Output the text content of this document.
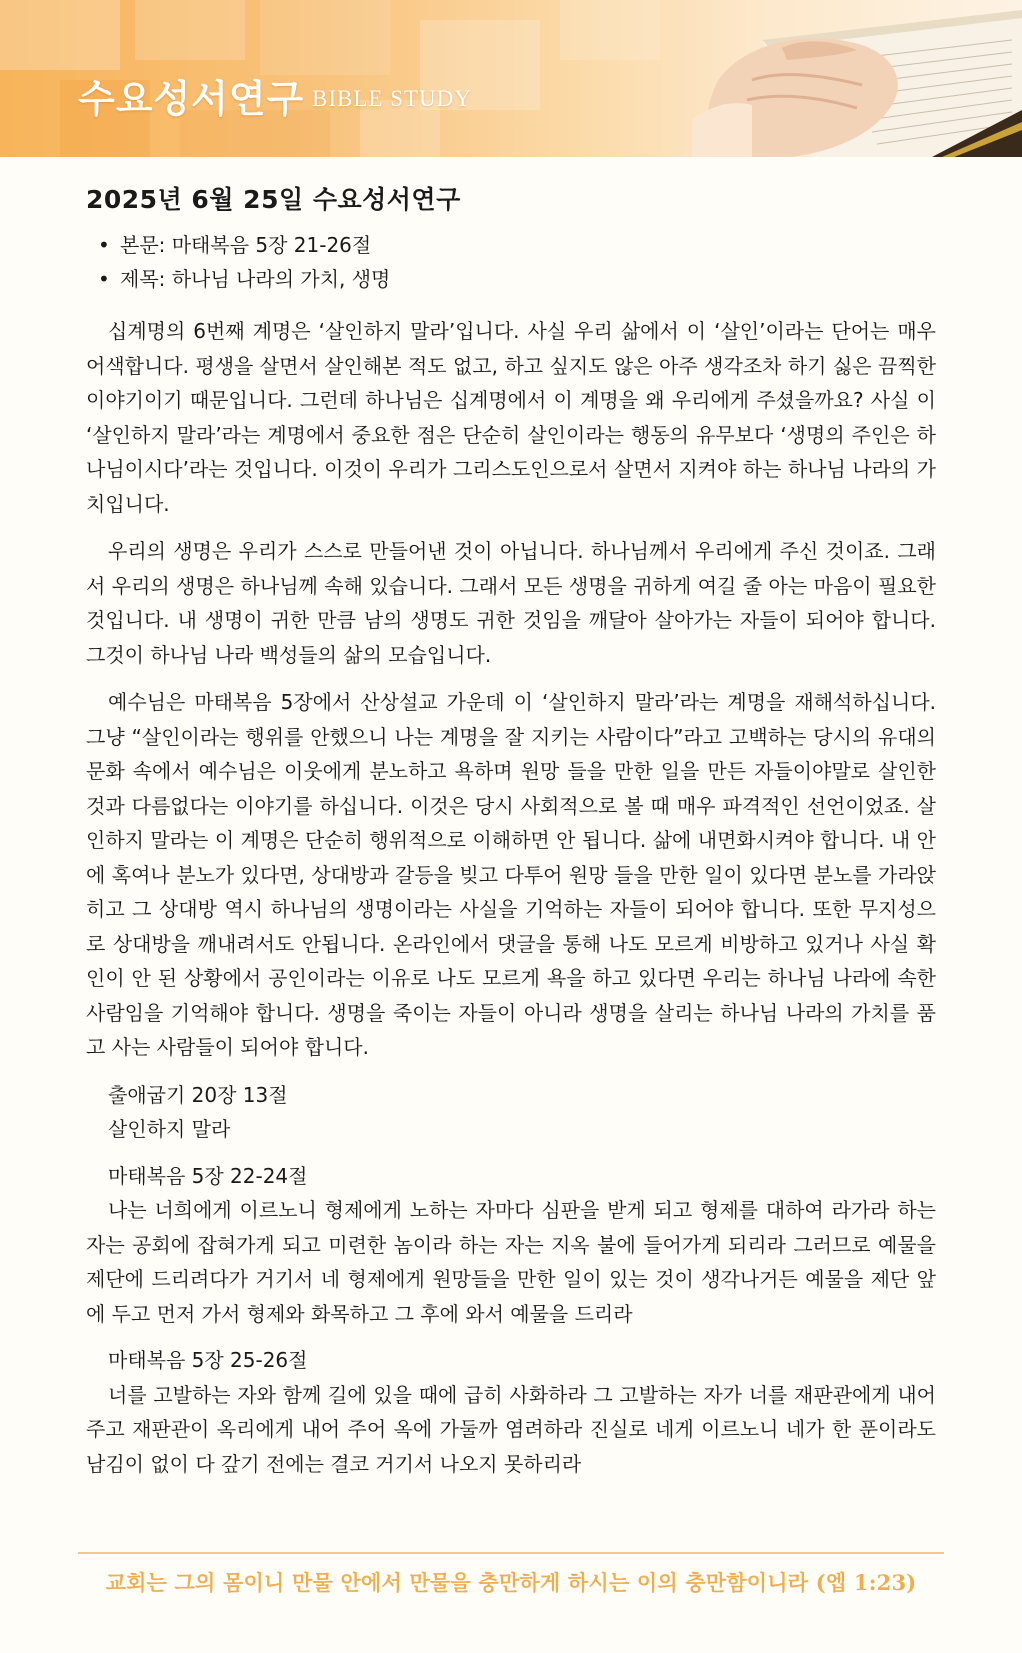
수요성서연구 BIBLE STUDY
2025년 6월 25일 수요성서연구
• 본문: 마태복음 5장 21-26절
• 제목: 하나님 나라의 가치, 생명

십계명의 6번째 계명은 ‘살인하지 말라’입니다. 사실 우리 삶에서 이 ‘살인’이라는 단어는 매우 어색합니다. 평생을 살면서 살인해본 적도 없고, 하고 싶지도 않은 아주 생각조차 하기 싫은 끔찍한 이야기이기 때문입니다. 그런데 하나님은 십계명에서 이 계명을 왜 우리에게 주셨을까요? 사실 이 ‘살인하지 말라’라는 계명에서 중요한 점은 단순히 살인이라는 행동의 유무보다 ‘생명의 주인은 하나님이시다’라는 것입니다. 이것이 우리가 그리스도인으로서 살면서 지켜야 하는 하나님 나라의 가치입니다.

우리의 생명은 우리가 스스로 만들어낸 것이 아닙니다. 하나님께서 우리에게 주신 것이죠. 그래서 우리의 생명은 하나님께 속해 있습니다. 그래서 모든 생명을 귀하게 여길 줄 아는 마음이 필요한 것입니다. 내 생명이 귀한 만큼 남의 생명도 귀한 것임을 깨달아 살아가는 자들이 되어야 합니다. 그것이 하나님 나라 백성들의 삶의 모습입니다.

예수님은 마태복음 5장에서 산상설교 가운데 이 ‘살인하지 말라’라는 계명을 재해석하십니다. 그냥 “살인이라는 행위를 안했으니 나는 계명을 잘 지키는 사람이다”라고 고백하는 당시의 유대의 문화 속에서 예수님은 이웃에게 분노하고 욕하며 원망 들을 만한 일을 만든 자들이야말로 살인한 것과 다름없다는 이야기를 하십니다. 이것은 당시 사회적으로 볼 때 매우 파격적인 선언이었죠. 살인하지 말라는 이 계명은 단순히 행위적으로 이해하면 안 됩니다. 삶에 내면화시켜야 합니다. 내 안에 혹여나 분노가 있다면, 상대방과 갈등을 빚고 다투어 원망 들을 만한 일이 있다면 분노를 가라앉히고 그 상대방 역시 하나님의 생명이라는 사실을 기억하는 자들이 되어야 합니다. 또한 무지성으로 상대방을 깨내려서도 안됩니다. 온라인에서 댓글을 통해 나도 모르게 비방하고 있거나 사실 확인이 안 된 상황에서 공인이라는 이유로 나도 모르게 욕을 하고 있다면 우리는 하나님 나라에 속한 사람임을 기억해야 합니다. 생명을 죽이는 자들이 아니라 생명을 살리는 하나님 나라의 가치를 품고 사는 사람들이 되어야 합니다.

출애굽기 20장 13절

살인하지 말라

마태복음 5장 22-24절

나는 너희에게 이르노니 형제에게 노하는 자마다 심판을 받게 되고 형제를 대하여 라가라 하는 자는 공회에 잡혀가게 되고 미련한 놈이라 하는 자는 지옥 불에 들어가게 되리라 그러므로 예물을 제단에 드리려다가 거기서 네 형제에게 원망들을 만한 일이 있는 것이 생각나거든 예물을 제단 앞에 두고 먼저 가서 형제와 화목하고 그 후에 와서 예물을 드리라

마태복음 5장 25-26절

너를 고발하는 자와 함께 길에 있을 때에 급히 사화하라 그 고발하는 자가 너를 재판관에게 내어 주고 재판관이 옥리에게 내어 주어 옥에 가둘까 염려하라 진실로 네게 이르노니 네가 한 푼이라도 남김이 없이 다 갚기 전에는 결코 거기서 나오지 못하리라

교회는 그의 몸이니 만물 안에서 만물을 충만하게 하시는 이의 충만함이니라 (엡 1:23)
